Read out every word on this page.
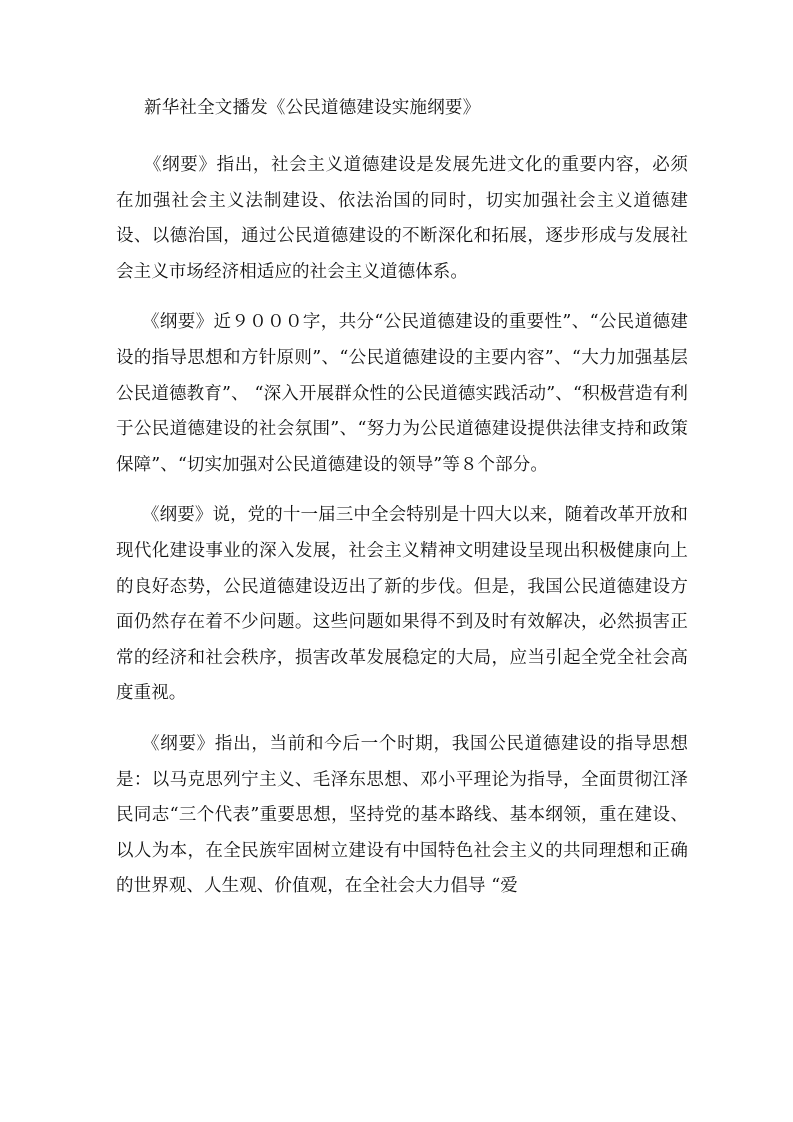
新华社全文播发《公民道德建设实施纲要》

《纲要》指出，社会主义道德建设是发展先进文化的重要内容，必须在加强社会主义法制建设、依法治国的同时，切实加强社会主义道德建设、以德治国，通过公民道德建设的不断深化和拓展，逐步形成与发展社会主义市场经济相适应的社会主义道德体系。

《纲要》近９０００字，共分“公民道德建设的重要性”、“公民道德建设的指导思想和方针原则”、“公民道德建设的主要内容”、“大力加强基层公民道德教育”、 “深入开展群众性的公民道德实践活动”、“积极营造有利于公民道德建设的社会氛围”、“努力为公民道德建设提供法律支持和政策保障”、“切实加强对公民道德建设的领导”等８个部分。

《纲要》说，党的十一届三中全会特别是十四大以来，随着改革开放和现代化建设事业的深入发展，社会主义精神文明建设呈现出积极健康向上的良好态势，公民道德建设迈出了新的步伐。但是，我国公民道德建设方面仍然存在着不少问题。这些问题如果得不到及时有效解决，必然损害正常的经济和社会秩序，损害改革发展稳定的大局，应当引起全党全社会高度重视。

《纲要》指出，当前和今后一个时期，我国公民道德建设的指导思想是：以马克思列宁主义、毛泽东思想、邓小平理论为指导，全面贯彻江泽民同志“三个代表”重要思想，坚持党的基本路线、基本纲领，重在建设、以人为本，在全民族牢固树立建设有中国特色社会主义的共同理想和正确的世界观、人生观、价值观，在全社会大力倡导 “爱
